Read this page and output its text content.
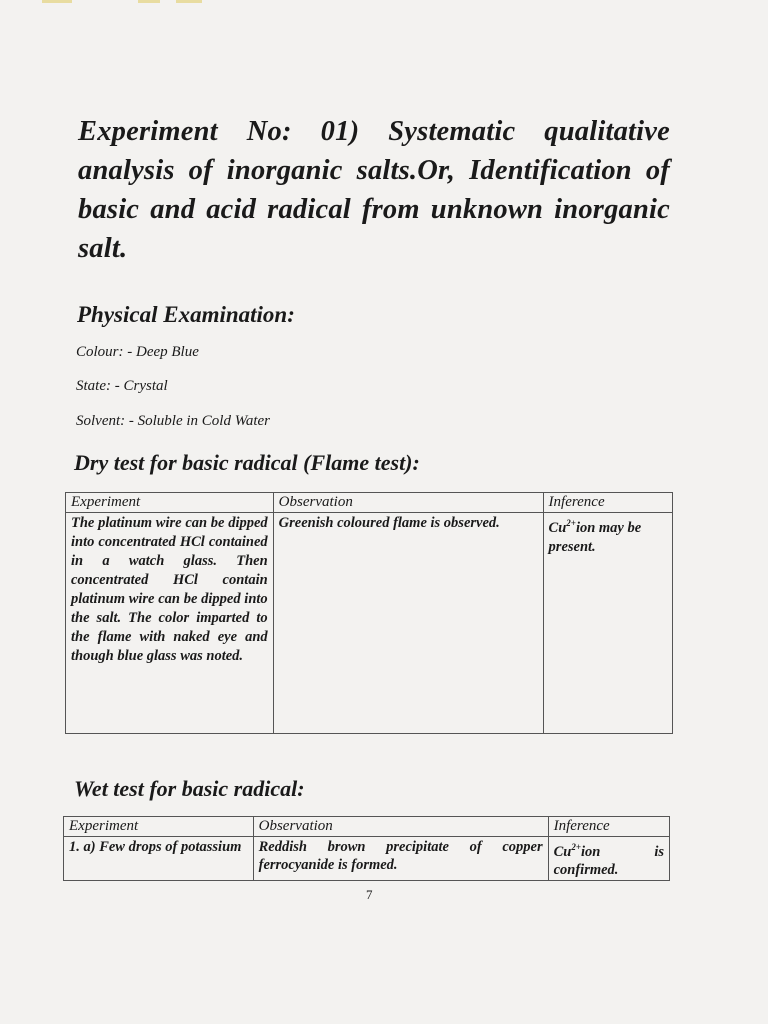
Experiment No: 01) Systematic qualitative analysis of inorganic salts.Or, Identification of basic and acid radical from unknown inorganic salt.
Physical Examination:
Colour: - Deep Blue
State: - Crystal
Solvent: - Soluble in Cold Water
Dry test for basic radical (Flame test):
Experiment	Observation	Inference
The platinum wire can be dipped into concentrated HCl contained in a watch glass. Then concentrated HCl contain platinum wire can be dipped into the salt. The color imparted to the flame with naked eye and though blue glass was noted.	Greenish coloured flame is observed.	$Cu^{2+}ion$ may be present.
Wet test for basic radical:
Experiment	Observation	Inference
1. a) Few drops of potassium	Reddish brown precipitate of copper ferrocyanide is formed.	$Cu^{2+}ion$ is confirmed.
7
